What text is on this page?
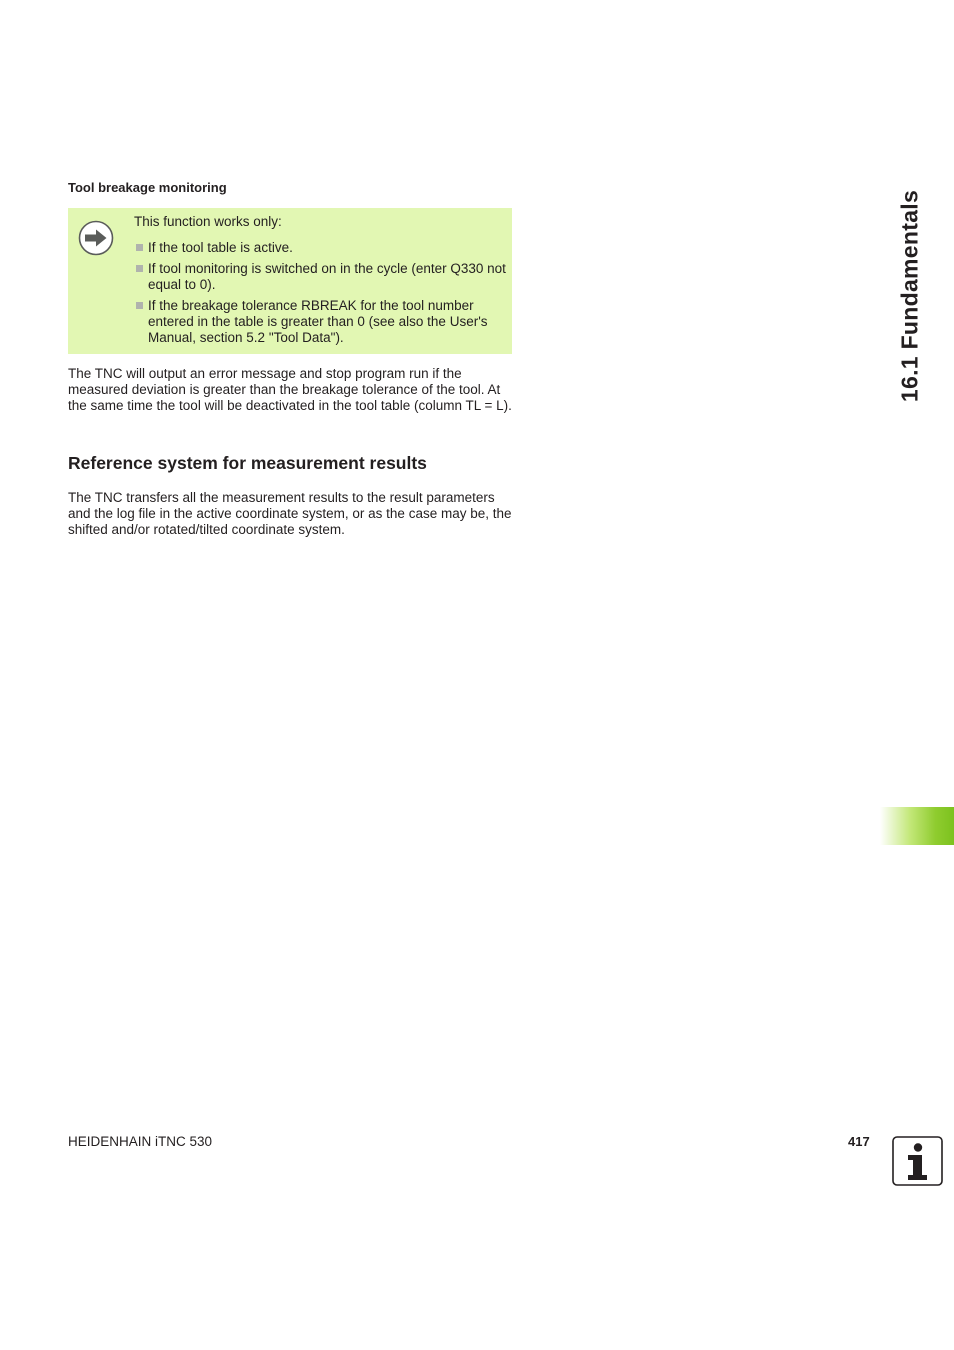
Tool breakage monitoring
This function works only:
If the tool table is active.
If tool monitoring is switched on in the cycle (enter Q330 not equal to 0).
If the breakage tolerance RBREAK for the tool number entered in the table is greater than 0 (see also the User's Manual, section 5.2 "Tool Data").
The TNC will output an error message and stop program run if the measured deviation is greater than the breakage tolerance of the tool. At the same time the tool will be deactivated in the tool table (column TL = L).
Reference system for measurement results
The TNC transfers all the measurement results to the result parameters and the log file in the active coordinate system, or as the case may be, the shifted and/or rotated/tilted coordinate system.
16.1 Fundamentals
HEIDENHAIN iTNC 530	417
